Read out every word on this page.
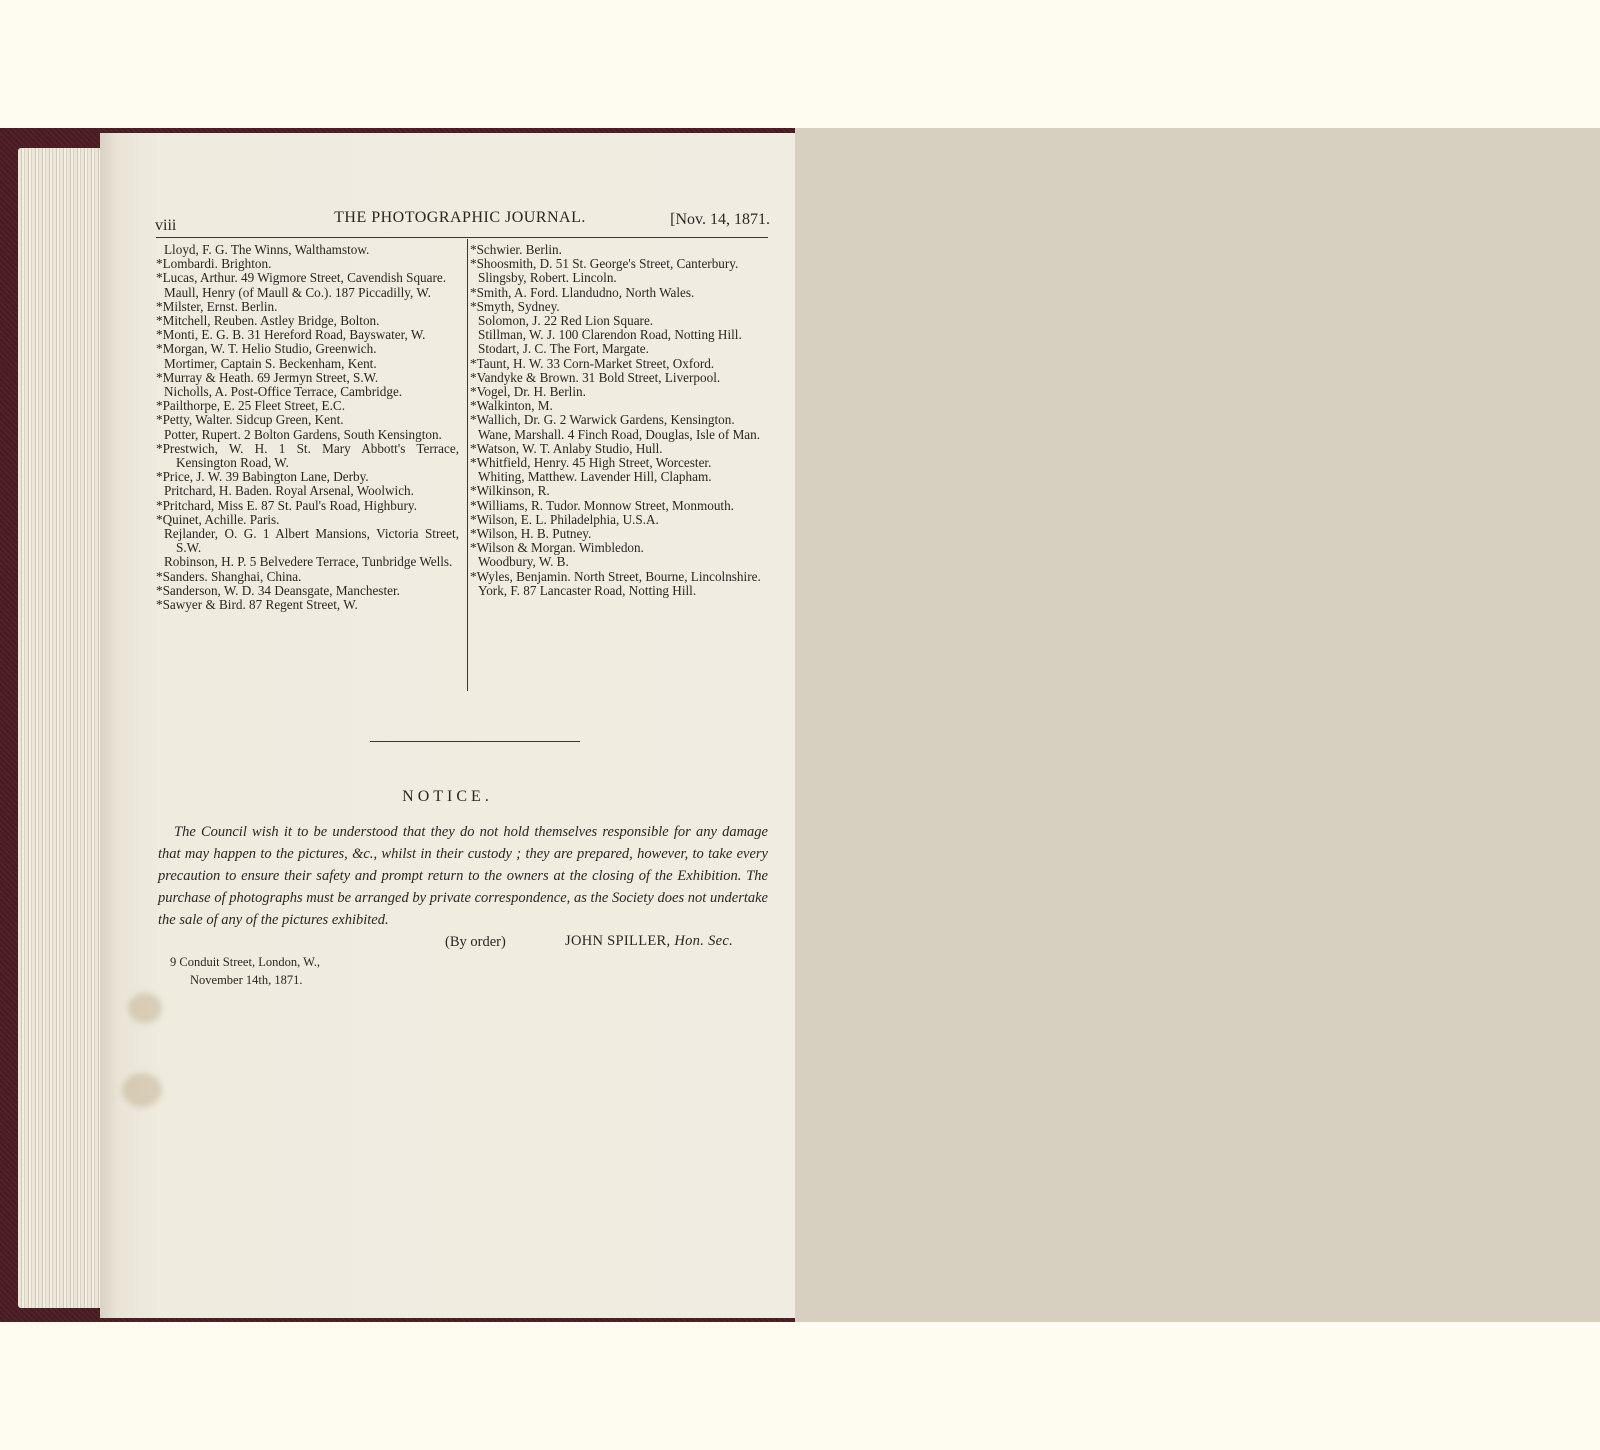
viii	THE PHOTOGRAPHIC JOURNAL.	[Nov. 14, 1871.
Lloyd, F. G. The Winns, Walthamstow.
*Lombardi. Brighton.
*Lucas, Arthur. 49 Wigmore Street, Cavendish Square.
Maull, Henry (of Maull & Co.). 187 Piccadilly, W.
*Milster, Ernst. Berlin.
*Mitchell, Reuben. Astley Bridge, Bolton.
*Monti, E. G. B. 31 Hereford Road, Bayswater, W.
*Morgan, W. T. Helio Studio, Greenwich.
Mortimer, Captain S. Beckenham, Kent.
*Murray & Heath. 69 Jermyn Street, S.W.
Nicholls, A. Post-Office Terrace, Cambridge.
*Pailthorpe, E. 25 Fleet Street, E.C.
*Petty, Walter. Sidcup Green, Kent.
Potter, Rupert. 2 Bolton Gardens, South Kensington.
*Prestwich, W. H. 1 St. Mary Abbott's Terrace, Kensington Road, W.
*Price, J. W. 39 Babington Lane, Derby.
Pritchard, H. Baden. Royal Arsenal, Woolwich.
*Pritchard, Miss E. 87 St. Paul's Road, Highbury.
*Quinet, Achille. Paris.
Rejlander, O. G. 1 Albert Mansions, Victoria Street, S.W.
Robinson, H. P. 5 Belvedere Terrace, Tunbridge Wells.
*Sanders. Shanghai, China.
*Sanderson, W. D. 34 Deansgate, Manchester.
*Sawyer & Bird. 87 Regent Street, W.
*Schwier. Berlin.
*Shoosmith, D. 51 St. George's Street, Canterbury.
Slingsby, Robert. Lincoln.
*Smith, A. Ford. Llandudno, North Wales.
*Smyth, Sydney.
Solomon, J. 22 Red Lion Square.
Stillman, W. J. 100 Clarendon Road, Notting Hill.
Stodart, J. C. The Fort, Margate.
*Taunt, H. W. 33 Corn-Market Street, Oxford.
*Vandyke & Brown. 31 Bold Street, Liverpool.
*Vogel, Dr. H. Berlin.
*Walkinton, M.
*Wallich, Dr. G. 2 Warwick Gardens, Kensington.
Wane, Marshall. 4 Finch Road, Douglas, Isle of Man.
*Watson, W. T. Anlaby Studio, Hull.
*Whitfield, Henry. 45 High Street, Worcester.
Whiting, Matthew. Lavender Hill, Clapham.
*Wilkinson, R.
*Williams, R. Tudor. Monnow Street, Monmouth.
*Wilson, E. L. Philadelphia, U.S.A.
*Wilson, H. B. Putney.
*Wilson & Morgan. Wimbledon.
Woodbury, W. B.
*Wyles, Benjamin. North Street, Bourne, Lincolnshire.
York, F. 87 Lancaster Road, Notting Hill.
NOTICE.
The Council wish it to be understood that they do not hold themselves responsible for any damage that may happen to the pictures, &c., whilst in their custody ; they are prepared, however, to take every precaution to ensure their safety and prompt return to the owners at the closing of the Exhibition. The purchase of photographs must be arranged by private correspondence, as the Society does not undertake the sale of any of the pictures exhibited.
(By order)	JOHN SPILLER, Hon. Sec.
9 Conduit Street, London, W.,
November 14th, 1871.
